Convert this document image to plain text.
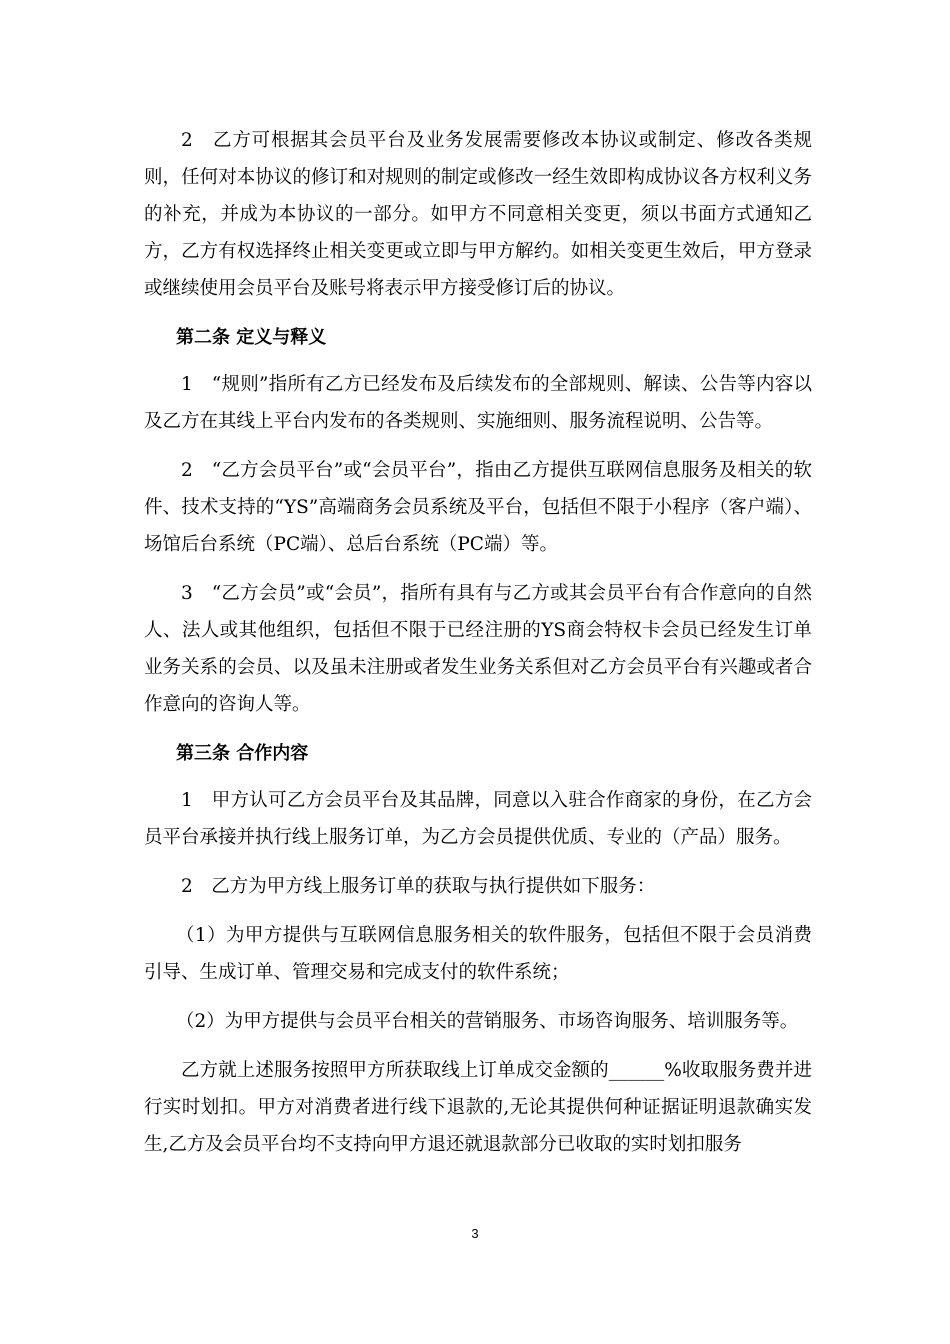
2　乙方可根据其会员平台及业务发展需要修改本协议或制定、修改各类规则，任何对本协议的修订和对规则的制定或修改一经生效即构成协议各方权利义务的补充，并成为本协议的一部分。如甲方不同意相关变更，须以书面方式通知乙方，乙方有权选择终止相关变更或立即与甲方解约。如相关变更生效后，甲方登录或继续使用会员平台及账号将表示甲方接受修订后的协议。

第二条 定义与释义

1　“规则”指所有乙方已经发布及后续发布的全部规则、解读、公告等内容以及乙方在其线上平台内发布的各类规则、实施细则、服务流程说明、公告等。

2　“乙方会员平台”或“会员平台”，指由乙方提供互联网信息服务及相关的软件、技术支持的“YS”高端商务会员系统及平台，包括但不限于小程序（客户端）、场馆后台系统（PC端）、总后台系统（PC端）等。

3　“乙方会员”或“会员”，指所有具有与乙方或其会员平台有合作意向的自然人、法人或其他组织，包括但不限于已经注册的YS商会特权卡会员已经发生订单业务关系的会员、以及虽未注册或者发生业务关系但对乙方会员平台有兴趣或者合作意向的咨询人等。

第三条 合作内容

1　甲方认可乙方会员平台及其品牌，同意以入驻合作商家的身份，在乙方会员平台承接并执行线上服务订单，为乙方会员提供优质、专业的（产品）服务。

2　乙方为甲方线上服务订单的获取与执行提供如下服务：

（1）为甲方提供与互联网信息服务相关的软件服务，包括但不限于会员消费引导、生成订单、管理交易和完成支付的软件系统；

（2）为甲方提供与会员平台相关的营销服务、市场咨询服务、培训服务等。

乙方就上述服务按照甲方所获取线上订单成交金额的______%收取服务费并进行实时划扣。甲方对消费者进行线下退款的,无论其提供何种证据证明退款确实发生,乙方及会员平台均不支持向甲方退还就退款部分已收取的实时划扣服务

3
